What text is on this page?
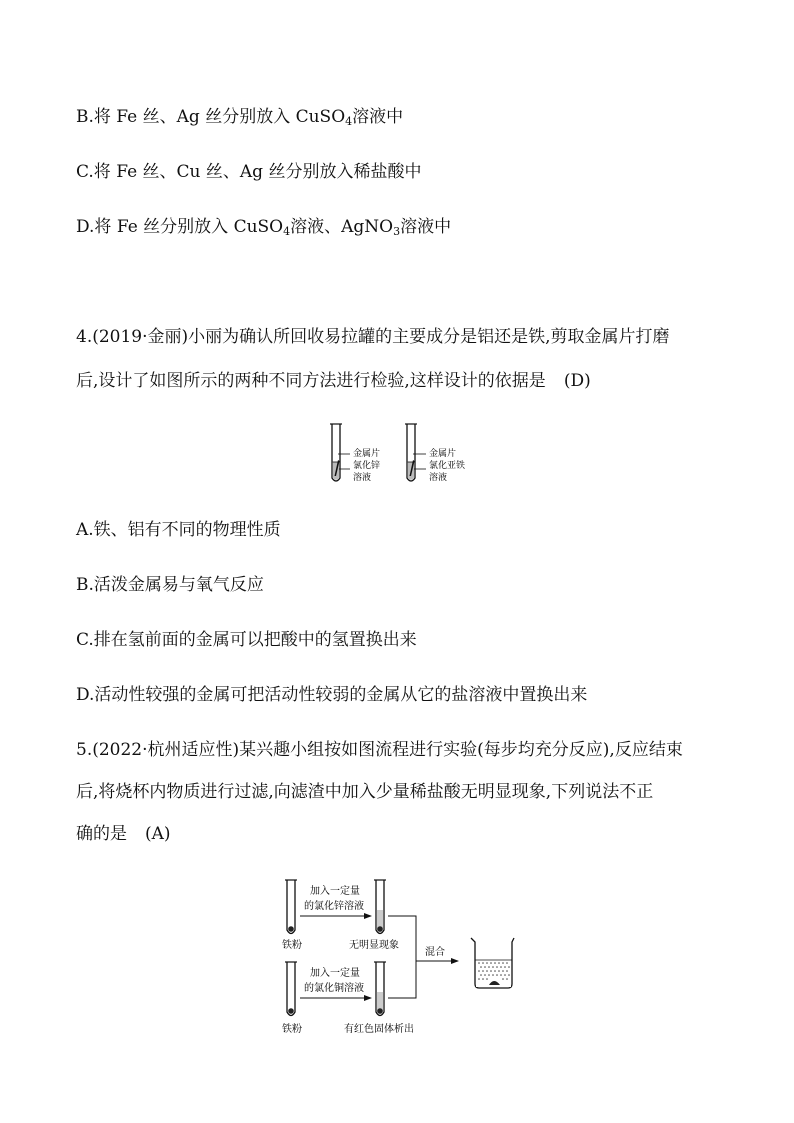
B.将 Fe 丝、Ag 丝分别放入 CuSO$_4$溶液中
C.将 Fe 丝、Cu 丝、Ag 丝分别放入稀盐酸中
D.将 Fe 丝分别放入 CuSO$_4$溶液、AgNO$_3$溶液中
4.(2019·金丽)小丽为确认所回收易拉罐的主要成分是铝还是铁,剪取金属片打磨
后,设计了如图所示的两种不同方法进行检验,这样设计的依据是 (D)
金属片
氯化锌
溶液
金属片
氯化亚铁
溶液
A.铁、铝有不同的物理性质
B.活泼金属易与氧气反应
C.排在氢前面的金属可以把酸中的氢置换出来
D.活动性较强的金属可把活动性较弱的金属从它的盐溶液中置换出来
5.(2022·杭州适应性)某兴趣小组按如图流程进行实验(每步均充分反应),反应结束
后,将烧杯内物质进行过滤,向滤渣中加入少量稀盐酸无明显现象,下列说法不正
确的是 (A)
铁粉
加入一定量
的氯化锌溶液
无明显现象
铁粉
加入一定量
的氯化铜溶液
有红色固体析出
混合
